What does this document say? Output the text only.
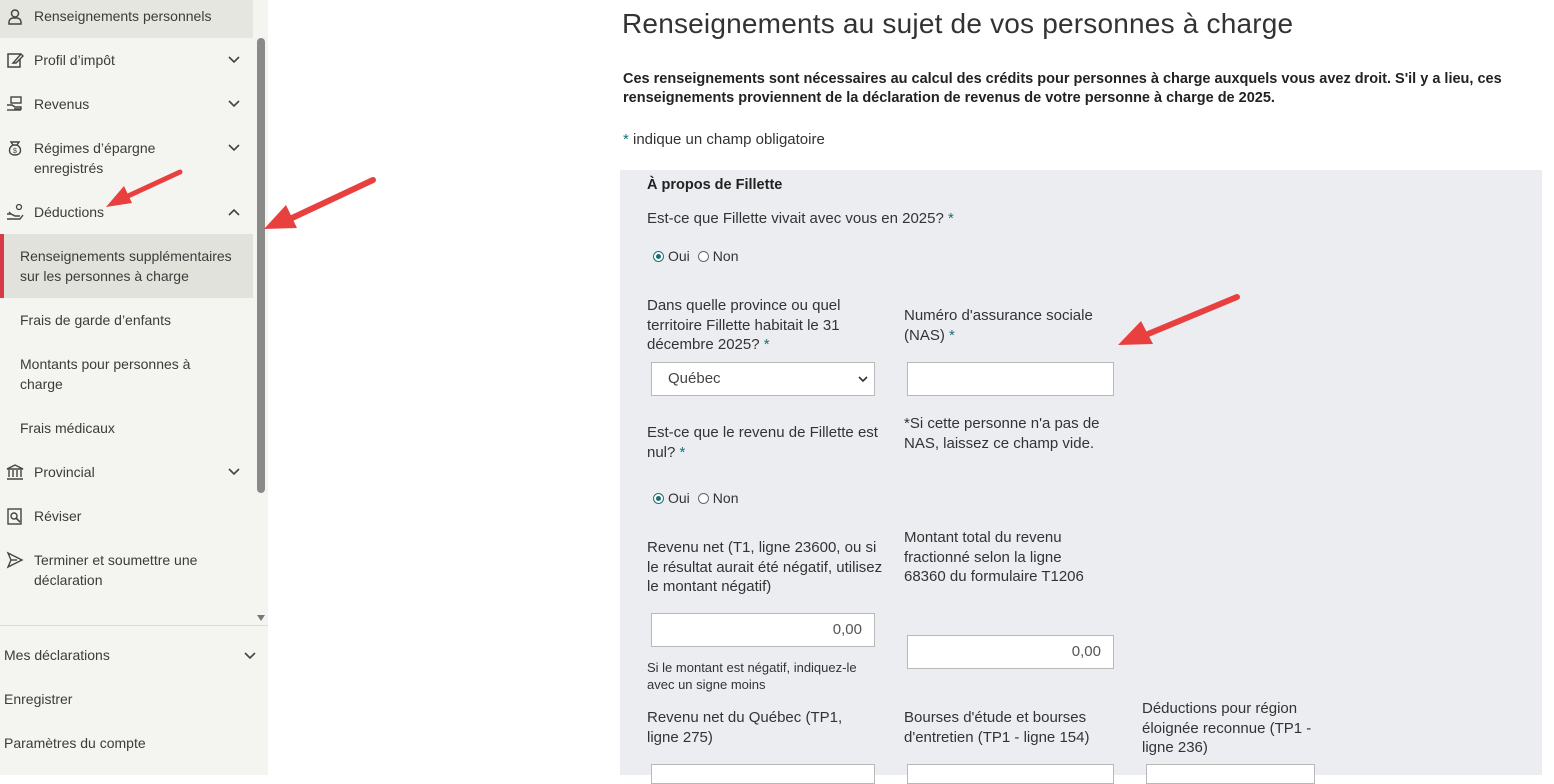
Renseignements personnels
Profil d’impôt
Revenus
$ Régimes d’épargne enregistrés
Déductions
Renseignements supplémentaires sur les personnes à charge
Frais de garde d’enfants
Montants pour personnes à charge
Frais médicaux
Provincial
Réviser
Terminer et soumettre une déclaration
Mes déclarations
Enregistrer
Paramètres du compte
Renseignements au sujet de vos personnes à charge
Ces renseignements sont nécessaires au calcul des crédits pour personnes à charge auxquels vous avez droit. S'il y a lieu, ces renseignements proviennent de la déclaration de revenus de votre personne à charge de 2025.
* indique un champ obligatoire
À propos de Fillette
Est-ce que Fillette vivait avec vous en 2025? *
Oui Non
Dans quelle province ou quel territoire Fillette habitait le 31 décembre 2025? *
Québec
Numéro d'assurance sociale (NAS) *
Est-ce que le revenu de Fillette est nul? *
*Si cette personne n'a pas de NAS, laissez ce champ vide.
Oui Non
Revenu net (T1, ligne 23600, ou si le résultat aurait été négatif, utilisez le montant négatif)
0,00
Si le montant est négatif, indiquez-le avec un signe moins
Montant total du revenu fractionné selon la ligne 68360 du formulaire T1206
0,00
Revenu net du Québec (TP1, ligne 275)
Bourses d'étude et bourses d'entretien (TP1 - ligne 154)
Déductions pour région éloignée reconnue (TP1 - ligne 236)
